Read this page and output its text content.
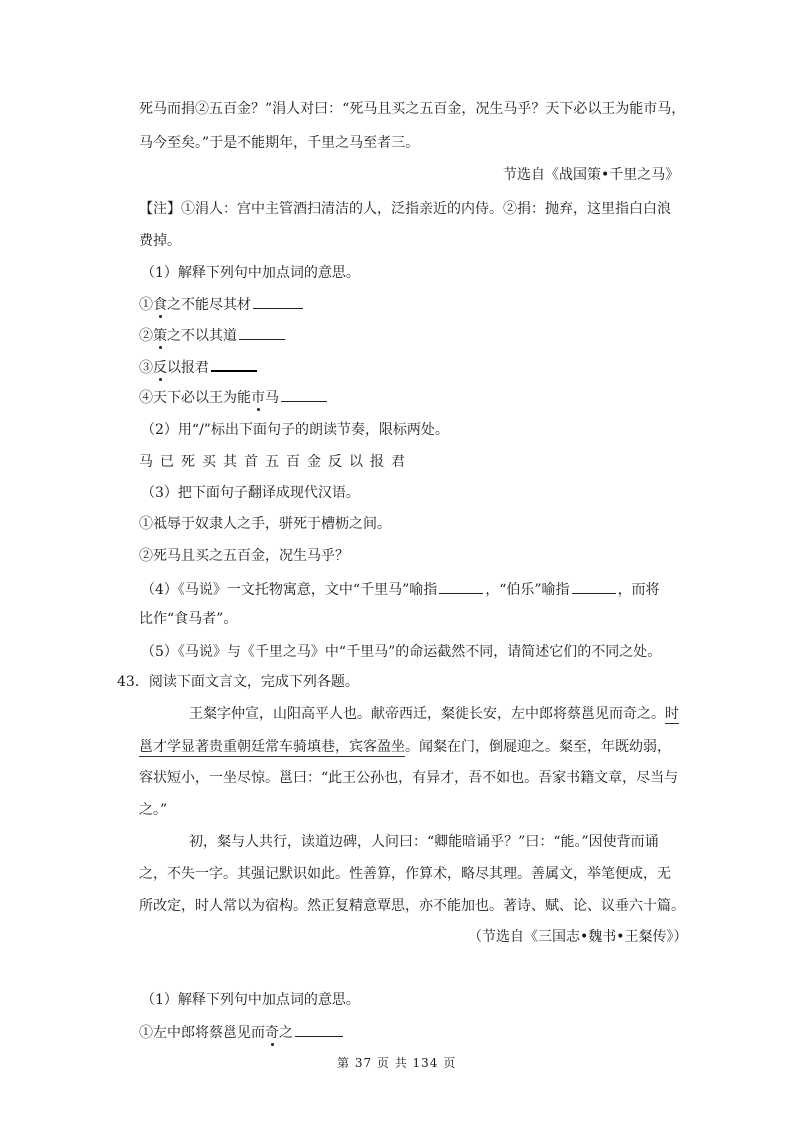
死马而捐②五百金？”涓人对曰：“死马且买之五百金，况生马乎？天下必以王为能市马，
马今至矣。”于是不能期年，千里之马至者三。
节选自《战国策•千里之马》
【注】①涓人：宫中主管酒扫清洁的人，泛指亲近的内侍。②捐：抛弃，这里指白白浪
费掉。
（1）解释下列句中加点词的意思。
①食之不能尽其材
②策之不以其道
③反以报君
④天下必以王为能市马
（2）用“/”标出下面句子的朗读节奏，限标两处。
马已死买其首五百金反以报君
（3）把下面句子翻译成现代汉语。
①祗辱于奴隶人之手，骈死于槽枥之间。
②死马且买之五百金，况生马乎？
（4）《马说》一文托物寓意，文中“千里马”喻指	，“伯乐”喻指	，而将
比作“食马者”。
（5）《马说》与《千里之马》中“千里马”的命运截然不同，请简述它们的不同之处。
43．阅读下面文言文，完成下列各题。
王粲字仲宣，山阳高平人也。献帝西迁，粲徙长安，左中郎将蔡邕见而奇之。时
邕才学显著贵重朝廷常车骑填巷，宾客盈坐。闻粲在门，倒屣迎之。粲至，年既幼弱，
容状短小，一坐尽惊。邕曰：“此王公孙也，有异才，吾不如也。吾家书籍文章，尽当与
之。”
初，粲与人共行，读道边碑，人问曰：“卿能暗诵乎？”曰：“能。”因使背而诵
之，不失一字。其强记默识如此。性善算，作算术，略尽其理。善属文，举笔便成，无
所改定，时人常以为宿构。然正复精意覃思，亦不能加也。著诗、赋、论、议垂六十篇。
（节选自《三国志•魏书•王粲传》）
（1）解释下列句中加点词的意思。
①左中郎将蔡邕见而奇之
第 37 页 共 134 页
